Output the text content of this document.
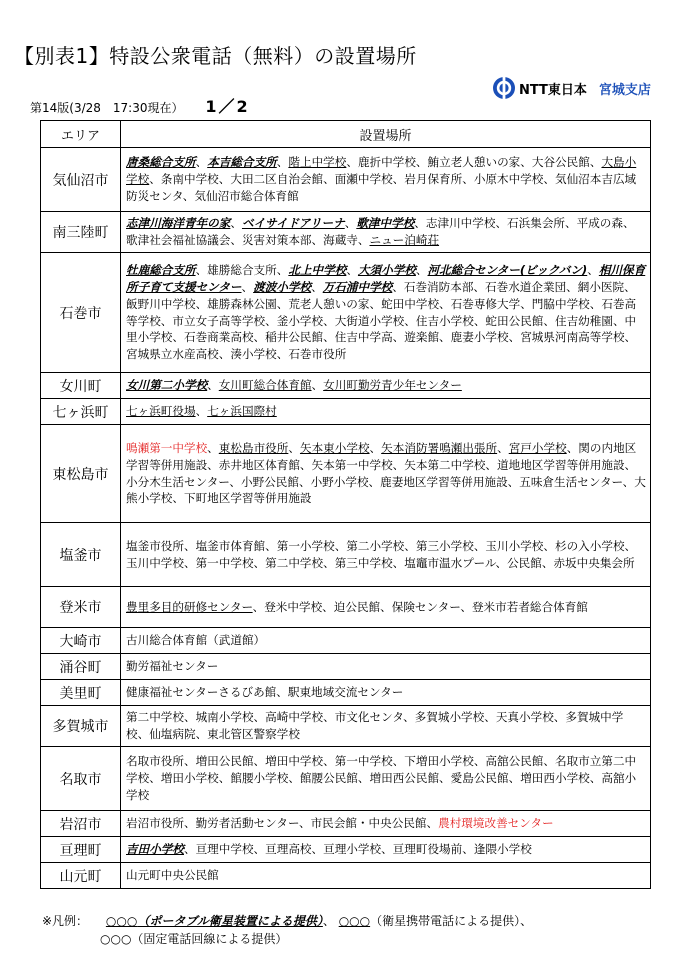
【別表1】特設公衆電話（無料）の設置場所
第14版(3/28　17:30現在） 1／2
NTT東日本 宮城支店
エリア	設置場所
気仙沼市	唐桑総合支所、本吉総合支所、階上中学校、鹿折中学校、鮪立老人憩いの家、大谷公民館、大島小学校、条南中学校、大田二区自治会館、面瀬中学校、岩月保育所、小原木中学校、気仙沼本吉広域防災センタ、気仙沼市総合体育館
南三陸町	志津川海洋青年の家、ベイサイドアリーナ、歌津中学校、志津川中学校、石浜集会所、平成の森、歌津社会福祉協議会、災害対策本部、海蔵寺、ニュー泊崎荘
石巻市	牡鹿総合支所、雄勝総合支所、北上中学校、大須小学校、河北総合センター(ビックバン)、相川保育所子育て支援センター、渡波小学校、万石浦中学校、石巻消防本部、石巻水道企業団、網小医院、飯野川中学校、雄勝森林公園、荒老人憩いの家、蛇田中学校、石巻専修大学、門脇中学校、石巻高等学校、市立女子高等学校、釜小学校、大街道小学校、住吉小学校、蛇田公民館、住吉幼稚園、中里小学校、石巻商業高校、稲井公民館、住吉中学高、遊楽館、鹿妻小学校、宮城県河南高等学校、宮城県立水産高校、湊小学校、石巻市役所
女川町	女川第二小学校、女川町総合体育館、女川町勤労青少年センター
七ヶ浜町	七ヶ浜町役場、七ヶ浜国際村
東松島市	鳴瀬第一中学校、東松島市役所、矢本東小学校、矢本消防署鳴瀬出張所、宮戸小学校、関の内地区学習等併用施設、赤井地区体育館、矢本第一中学校、矢本第二中学校、道地地区学習等併用施設、小分木生活センター、小野公民館、小野小学校、鹿妻地区学習等併用施設、五味倉生活センター、大熊小学校、下町地区学習等併用施設
塩釜市	塩釜市役所、塩釜市体育館、第一小学校、第二小学校、第三小学校、玉川小学校、杉の入小学校、玉川中学校、第一中学校、第二中学校、第三中学校、塩竈市温水プール、公民館、赤坂中央集会所
登米市	豊里多目的研修センター、登米中学校、迫公民館、保険センター、登米市若者総合体育館
大崎市	古川総合体育館（武道館）
涌谷町	勤労福祉センター
美里町	健康福祉センターさるびあ館、駅東地域交流センター
多賀城市	第二中学校、城南小学校、高崎中学校、市文化センタ、多賀城小学校、天真小学校、多賀城中学校、仙塩病院、東北管区警察学校
名取市	名取市役所、増田公民館、増田中学校、第一中学校、下増田小学校、高舘公民館、名取市立第二中学校、増田小学校、館腰小学校、館腰公民館、増田西公民館、愛島公民館、増田西小学校、高舘小学校
岩沼市	岩沼市役所、勤労者活動センター、市民会館・中央公民館、農村環境改善センター
亘理町	吉田小学校、亘理中学校、亘理高校、亘理小学校、亘理町役場前、逢隈小学校
山元町	山元町中央公民館
※凡例： ○○○（ポータブル衛星装置による提供）、 ○○○（衛星携帯電話による提供）、
○○○（固定電話回線による提供）
